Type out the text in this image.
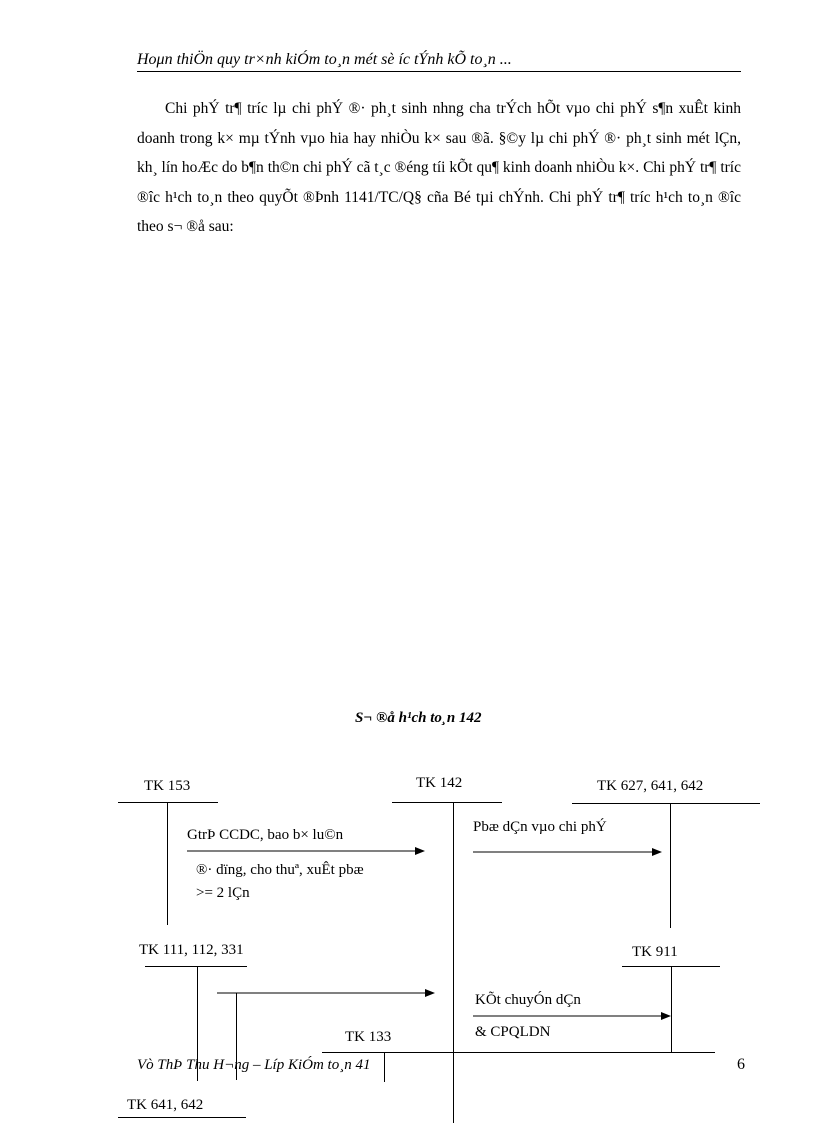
Hoμn thiÖn quy tr×nh kiÓm to¸n mét sè íc tÝnh kÕ to¸n ...

Chi phÝ tr¶ tríc lµ chi phÝ ®· ph¸t sinh nhng cha trÝch hÕt vµo chi phÝ s¶n xuÊt kinh doanh trong k× mµ tÝnh vµo hia hay nhiÒu k× sau ®ã. §©y lµ chi phÝ ®· ph¸t sinh mét lÇn, kh¸ lín hoÆc do b¶n th©n chi phÝ cã t¸c ®éng tíi kÕt qu¶ kinh doanh nhiÒu k×. Chi phÝ tr¶ tríc ®îc h¹ch to¸n theo quyÕt ®Þnh 1141/TC/Q§ cña Bé tµi chÝnh. Chi phÝ tr¶ tríc h¹ch to¸n ®îc theo s¬ ®å sau:

S¬ ®å h¹ch to¸n 142
TK 153	TK 142	TK 627, 641, 642
TK 111, 112, 331	TK 911
TK 133
TK 641, 642
GtrÞ CCDC, bao b× lu©n
®· dïng, cho thuª, xuÊt pbæ
>= 2 lÇn
Pbæ dÇn vµo chi phÝ
KÕt chuyÓn dÇn
& CPQLDN
Vò ThÞ Thu H¬ng – Líp KiÓm to¸n 41	6
